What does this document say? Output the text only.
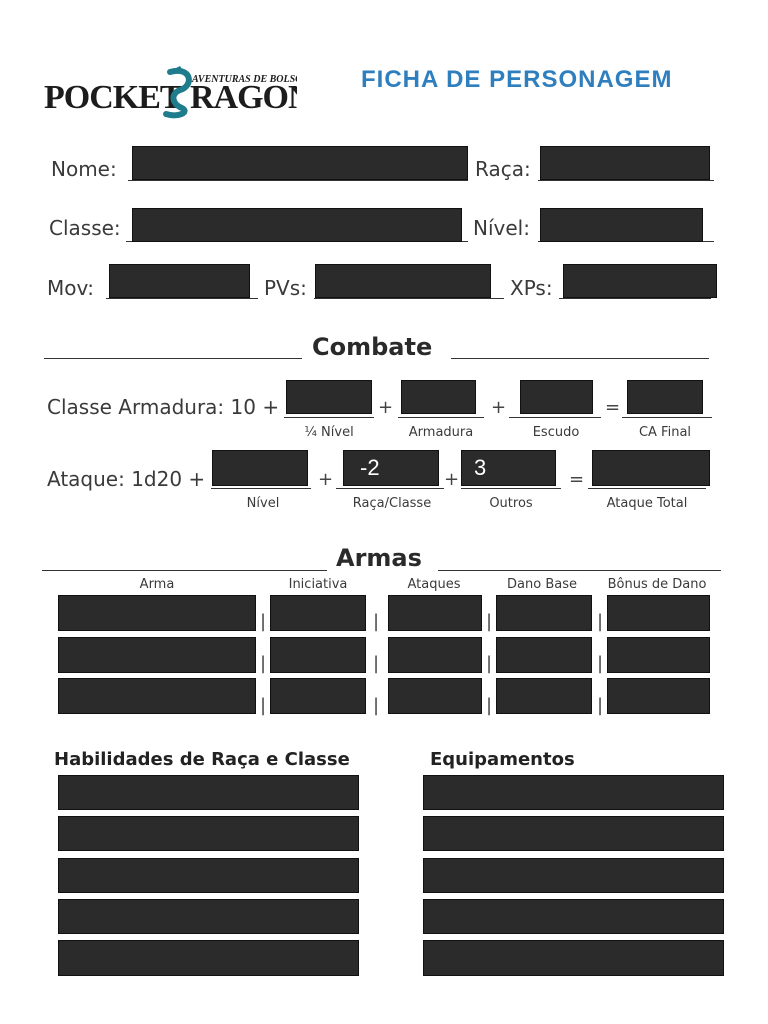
POCKET RAGO
AVENTURAS DE BOLSO FICHA DE PERSONAGEM
Nome:	Raça:
Classe:	Nível:
Mov:	PVs:	XPs:
Combate
Classe Armadura: 10 +	+	+	=
¼ Nível	Armadura	Escudo	CA Final
Ataque: 1d20 +	+ -2	+ 3	=
Nível	Raça/Classe	Outros	Ataque Total
Armas
Arma	Iniciativa	Ataques	Dano Base	Bônus de Dano
|	|	|	|
|	|	|	|
|	|	|	|
Habilidades de Raça e Classe	Equipamentos
